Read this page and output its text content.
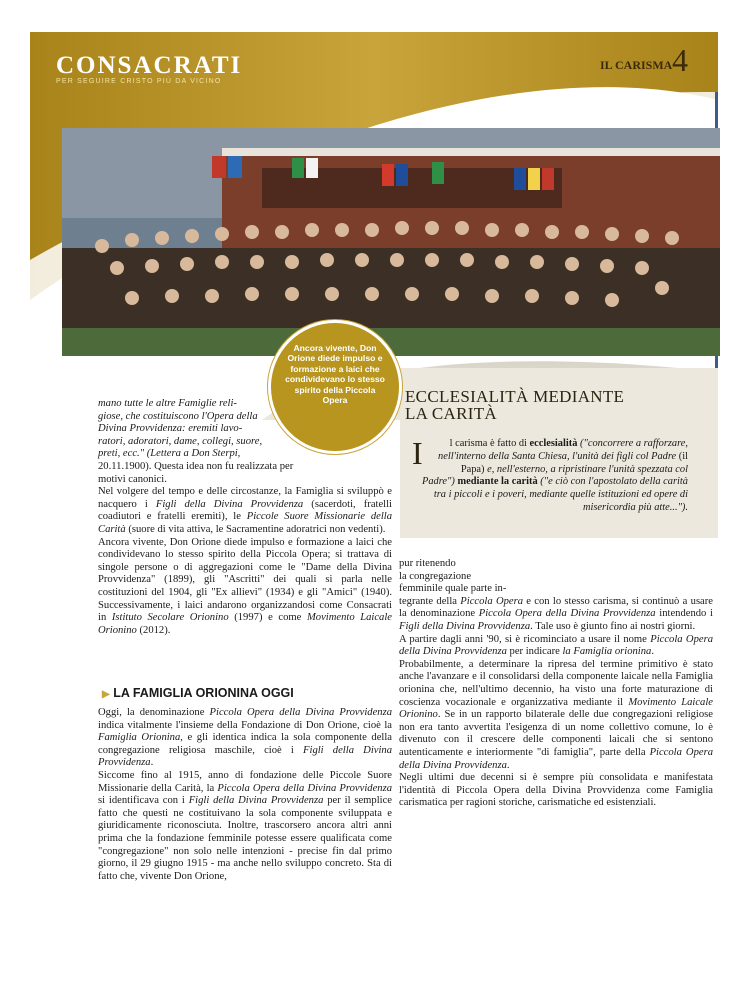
CONSACRATI
PER SEGUIRE CRISTO PIÙ DA VICINO
IL CARISMA 4

Ancora vivente, Don Orione diede impulso e formazione a laici che condividevano lo stesso spirito della Piccola Opera

mano tutte le altre Famiglie reli-
giose, che costituiscono l'Opera della
Divina Provvidenza: eremiti lavo-
ratori, adoratori, dame, collegi, suore,
preti, ecc." (Lettera a Don Sterpi,

20.11.1900). Questa idea non fu realizzata per
motivi canonici.

Nel volgere del tempo e delle circostanze, la Famiglia si sviluppò e nacquero i Figli della Divina Provvidenza (sacerdoti, fratelli coadiutori e fratelli eremiti), le Piccole Suore Missionarie della Carità (suore di vita attiva, le Sacramentine adoratrici non vedenti).

Ancora vivente, Don Orione diede impulso e formazione a laici che condividevano lo stesso spirito della Piccola Opera; si trattava di singole persone o di aggregazioni come le "Dame della Divina Provvidenza" (1899), gli "Ascritti" dei quali si parla nelle costituzioni del 1904, gli "Ex allievi" (1934) e gli "Amici" (1940). Successivamente, i laici andarono organizzandosi come Consacrati in Istituto Secolare Orionino (1997) e come Movimento Laicale Orionino (2012).

▶ LA FAMIGLIA ORIONINA OGGI

Oggi, la denominazione Piccola Opera della Divina Provvidenza indica vitalmente l'insieme della Fondazione di Don Orione, cioè la Famiglia Orionina, e gli identica indica la sola componente della congregazione religiosa maschile, cioè i Figli della Divina Provvidenza.

Siccome fino al 1915, anno di fondazione delle Piccole Suore Missionarie della Carità, la Piccola Opera della Divina Provvidenza si identificava con i Figli della Divina Provvidenza per il semplice fatto che questi ne costituivano la sola componente sviluppata e giuridicamente riconosciuta. Inoltre, trascorsero ancora altri anni prima che la fondazione femminile potesse essere qualificata come "congregazione" non solo nelle intenzioni - precise fin dal primo giorno, il 29 giugno 1915 - ma anche nello sviluppo concreto. Sta di fatto che, vivente Don Orione,

ECCLESIALITÀ MEDIANTE
LA CARITÀ
I	l carisma è fatto di ecclesialità ("concorrere a rafforzare, nell'interno della Santa Chiesa, l'unità dei figli col Padre (il Papa) e, nell'esterno, a ripristinare l'unità spezzata col Padre") mediante la carità ("e ciò con l'apostolato della carità tra i piccoli e i poveri, mediante quelle istituzioni ed opere di misericordia più atte...").

pur ritenendo
la congregazione
femminile quale parte in-

tegrante della Piccola Opera e con lo stesso carisma, si continuò a usare la denominazione Piccola Opera della Divina Provvidenza intendendo i Figli della Divina Provvidenza. Tale uso è giunto fino ai nostri giorni.

A partire dagli anni '90, si è ricominciato a usare il nome Piccola Opera della Divina Provvidenza per indicare la Famiglia orionina.

Probabilmente, a determinare la ripresa del termine primitivo è stato anche l'avanzare e il consolidarsi della componente laicale nella Famiglia orionina che, nell'ultimo decennio, ha visto una forte maturazione di coscienza vocazionale e organizzativa mediante il Movimento Laicale Orionino. Se in un rapporto bilaterale delle due congregazioni religiose non era tanto avvertita l'esigenza di un nome collettivo comune, lo è divenuto con il crescere delle componenti laicali che si sentono autenticamente e interiormente "di famiglia", parte della Piccola Opera della Divina Provvidenza.

Negli ultimi due decenni si è sempre più consolidata e manifestata l'identità di Piccola Opera della Divina Provvidenza come Famiglia carismatica per ragioni storiche, carismatiche ed esistenziali.
